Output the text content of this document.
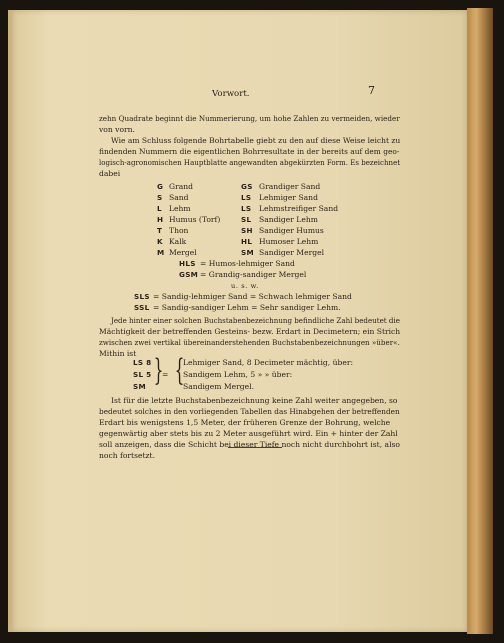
Vorwort.	7
zehn Quadrate beginnt die Nummerierung, um hohe Zahlen zu vermeiden, wieder
von vorn.
Wie am Schluss folgende Bohrtabelle giebt zu den auf diese Weise leicht zu
findenden Nummern die eigentlichen Bohrresultate in der bereits auf dem geo-
logisch-agronomischen Hauptblatte angewandten abgekürzten Form. Es bezeichnet
dabei
G Grand
S Sand
L Lehm
H Humus (Torf)
T Thon
K Kalk
M Mergel
GS Grandiger Sand
LS Lehmiger Sand
LS Lehmstreifiger Sand
SL Sandiger Lehm
SH Sandiger Humus
HL Humoser Lehm
SM Sandiger Mergel
HLS = Humos-lehmiger Sand
GSM = Grandig-sandiger Mergel
u. s. w.
SLS = Sandig-lehmiger Sand = Schwach lehmiger Sand
SSL = Sandig-sandiger Lehm = Sehr sandiger Lehm.
Jede hinter einer solchen Buchstabenbezeichnung befindliche Zahl bedeutet die
Mächtigkeit der betreffenden Gesteins- bezw. Erdart in Decimetern; ein Strich
zwischen zwei vertikal übereinanderstehenden Buchstabenbezeichnungen »über«.
Mithin ist
LS 8
SL 5
SM }
= {
Lehmiger Sand, 8 Decimeter mächtig, über:
Sandigem Lehm, 5 » » über:
Sandigem Mergel.
Ist für die letzte Buchstabenbezeichnung keine Zahl weiter angegeben, so
bedeutet solches in den vorliegenden Tabellen das Hinabgehen der betreffenden
Erdart bis wenigstens 1,5 Meter, der früheren Grenze der Bohrung, welche
gegenwärtig aber stets bis zu 2 Meter ausgeführt wird. Ein + hinter der Zahl
soll anzeigen, dass die Schicht bei dieser Tiefe noch nicht durchbohrt ist, also
noch fortsetzt.
